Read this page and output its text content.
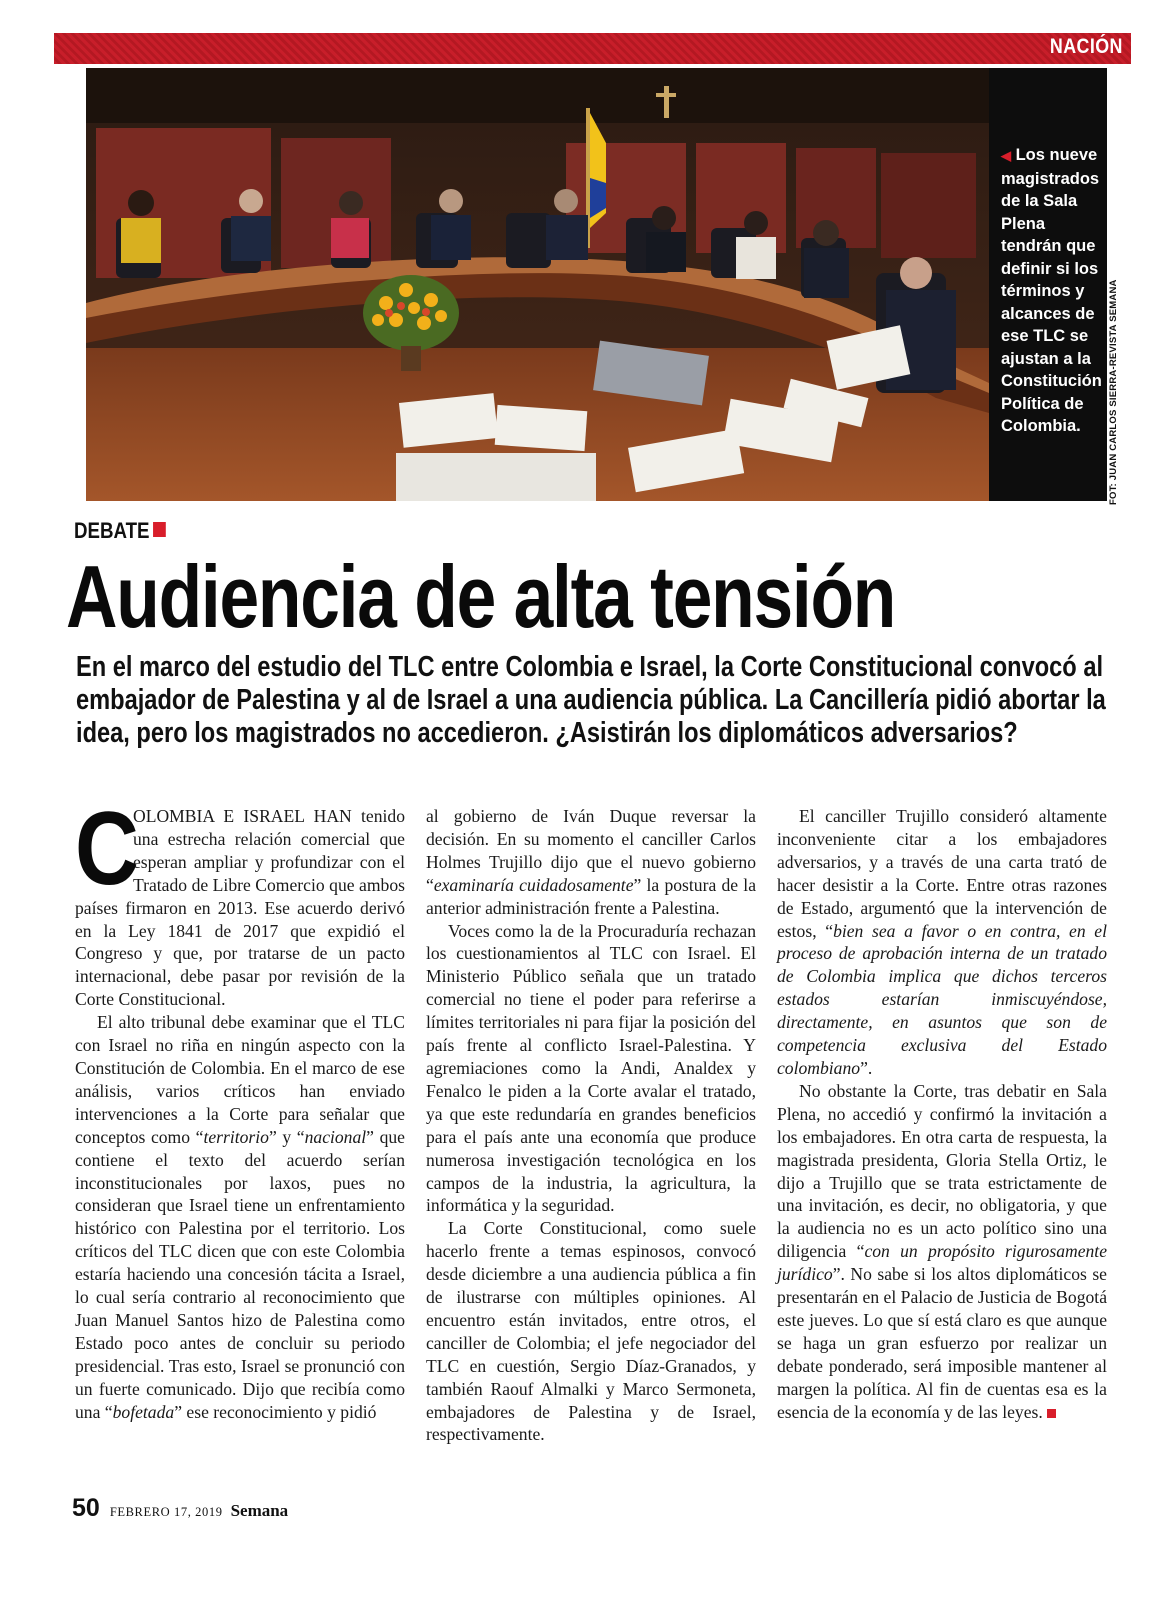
NACIÓN
◀ Los nueve magistrados de la Sala Plena tendrán que definir si los términos y alcances de ese TLC se ajustan a la Constitución Política de Colombia.	FOT: JUAN CARLOS SIERRA-REVISTA SEMANA
DEBATE
Audiencia de alta tensión
En el marco del estudio del TLC entre Colombia e Israel, la Corte Constitucional convocó al embajador de Palestina y al de Israel a una audiencia pública. La Cancillería pidió abortar la idea, pero los magistrados no accedieron. ¿Asistirán los diplomáticos adversarios?

C
OLOMBIA E ISRAEL HAN tenido una estrecha relación comercial que esperan ampliar y profundizar con el Tratado de Libre Comercio que ambos países firmaron en 2013. Ese acuerdo derivó en la Ley 1841 de 2017 que expidió el Congreso y que, por tratarse de un pacto internacional, debe pasar por revisión de la Corte Constitucional.

El alto tribunal debe examinar que el TLC con Israel no riña en ningún aspecto con la Constitución de Colombia. En el marco de ese análisis, varios críticos han enviado intervenciones a la Corte para señalar que conceptos como “territorio” y “nacional” que contiene el texto del acuerdo serían inconstitucionales por laxos, pues no consideran que Israel tiene un enfrentamiento histórico con Palestina por el territorio. Los críticos del TLC dicen que con este Colombia estaría haciendo una concesión tácita a Israel, lo cual sería contrario al reconocimiento que Juan Manuel Santos hizo de Palestina como Estado poco antes de concluir su periodo presidencial. Tras esto, Israel se pronunció con un fuerte comunicado. Dijo que recibía como una “bofetada” ese reconocimiento y pidió

al gobierno de Iván Duque reversar la decisión. En su momento el canciller Carlos Holmes Trujillo dijo que el nuevo gobierno “examinaría cuidadosamente” la postura de la anterior administración frente a Palestina.

Voces como la de la Procuraduría rechazan los cuestionamientos al TLC con Israel. El Ministerio Público señala que un tratado comercial no tiene el poder para referirse a límites territoriales ni para fijar la posición del país frente al conflicto Israel-Palestina. Y agremiaciones como la Andi, Analdex y Fenalco le piden a la Corte avalar el tratado, ya que este redundaría en grandes beneficios para el país ante una economía que produce numerosa investigación tecnológica en los campos de la industria, la agricultura, la informática y la seguridad.

La Corte Constitucional, como suele hacerlo frente a temas espinosos, convocó desde diciembre a una audiencia pública a fin de ilustrarse con múltiples opiniones. Al encuentro están invitados, entre otros, el canciller de Colombia; el jefe negociador del TLC en cuestión, Sergio Díaz-Granados, y también Raouf Almalki y Marco Sermoneta, embajadores de Palestina y de Israel, respectivamente.

El canciller Trujillo consideró altamente inconveniente citar a los embajadores adversarios, y a través de una carta trató de hacer desistir a la Corte. Entre otras razones de Estado, argumentó que la intervención de estos, “bien sea a favor o en contra, en el proceso de aprobación interna de un tratado de Colombia implica que dichos terceros estados estarían inmiscuyéndose, directamente, en asuntos que son de competencia exclusiva del Estado colombiano”.

No obstante la Corte, tras debatir en Sala Plena, no accedió y confirmó la invitación a los embajadores. En otra carta de respuesta, la magistrada presidenta, Gloria Stella Ortiz, le dijo a Trujillo que se trata estrictamente de una invitación, es decir, no obligatoria, y que la audiencia no es un acto político sino una diligencia “con un propósito rigurosamente jurídico”. No sabe si los altos diplomáticos se presentarán en el Palacio de Justicia de Bogotá este jueves. Lo que sí está claro es que aunque se haga un gran esfuerzo por realizar un debate ponderado, será imposible mantener al margen la política. Al fin de cuentas esa es la esencia de la economía y de las leyes.

50 FEBRERO 17, 2019 Semana
